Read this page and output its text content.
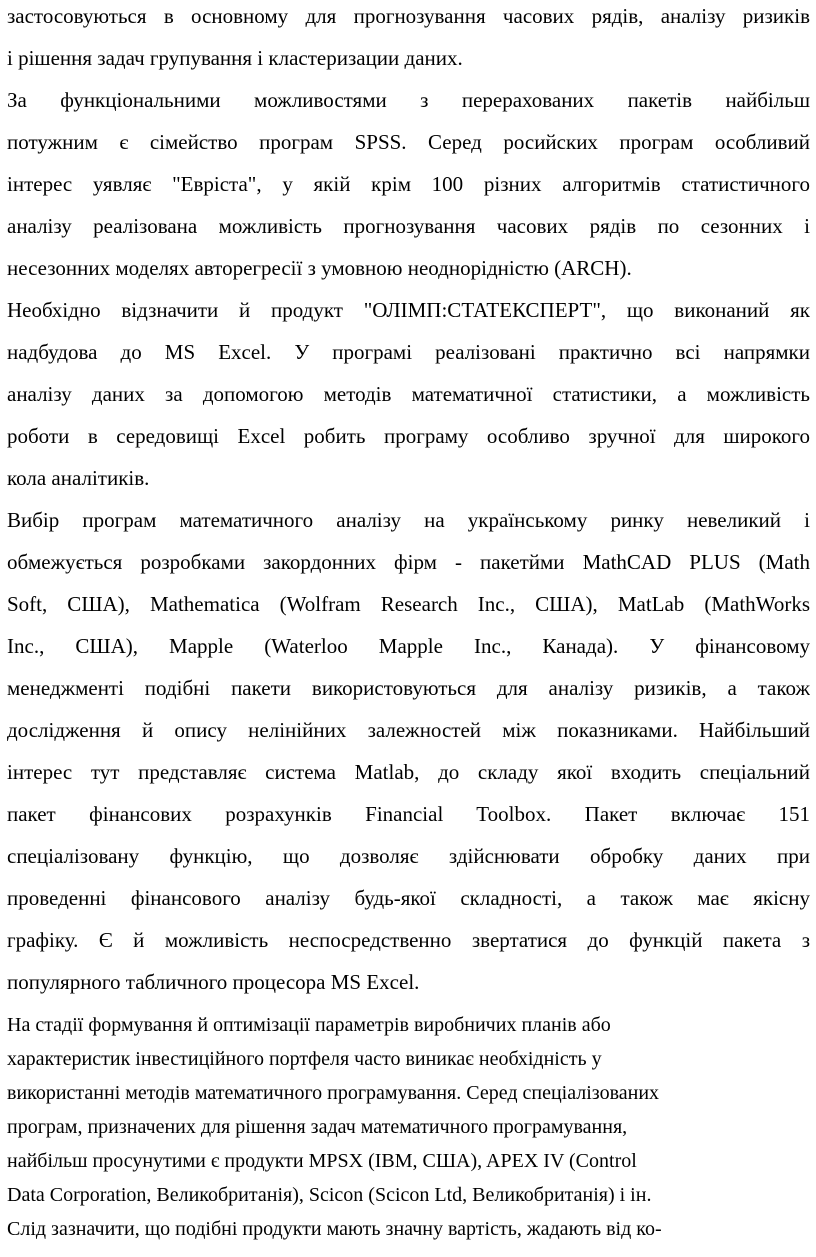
застосовуються в основному для прогнозування часових рядів, аналізу ризиків
і рішення задач групування і кластеризации даних.
За функціональними можливостями з перерахованих пакетів найбільш
потужним є сімейство програм SPSS. Серед росийских програм особливий
інтерес уявляє "Евріста", у якій крім 100 різних алгоритмів статистичного
аналізу реалізована можливість прогнозування часових рядів по сезонних і
несезонних моделях авторегресії з умовною неоднорідністю (ARCH).
Необхідно відзначити й продукт "ОЛІМП:СТАТЕКСПЕРТ", що виконаний як
надбудова до MS Excel. У програмі реалізовані практично всі напрямки
аналізу даних за допомогою методів математичної статистики, а можливість
роботи в середовищі Excel робить програму особливо зручної для широкого
кола аналітиків.
Вибір програм математичного аналізу на українському ринку невеликий і
обмежується розробками закордонних фірм - пакетйми MathCAD PLUS (Math
Soft, США), Mathematica (Wolfram Research Inc., США), MatLab (MathWorks
Inc., США), Mapple (Waterloo Mapple Inc., Канада). У фінансовому
менеджменті подібні пакети використовуються для аналізу ризиків, а також
дослідження й опису нелінійних залежностей між показниками. Найбільший
інтерес тут представляє система Matlab, до складу якої входить спеціальний
пакет фінансових розрахунків Financial Toolbox. Пакет включає 151
спеціалізовану функцію, що дозволяє здійснювати обробку даних при
проведенні фінансового аналізу будь-якої складності, а також має якісну
графіку. Є й можливість неспосредственно звертатися до функцій пакета з
популярного табличного процесора MS Excel.
На стадії формування й оптимізації параметрів виробничих планів або
характеристик інвестиційного портфеля часто виникає необхідність у
використанні методів математичного програмування. Серед спеціалізованих
програм, призначених для рішення задач математичного програмування,
найбільш просунутими є продукти MPSX (IBM, США), APEX IV (Control
Data Corporation, Великобританія), Scicon (Scicon Ltd, Великобританія) і ін.
Слід зазначити, що подібні продукти мають значну вартість, жадають від ко-
